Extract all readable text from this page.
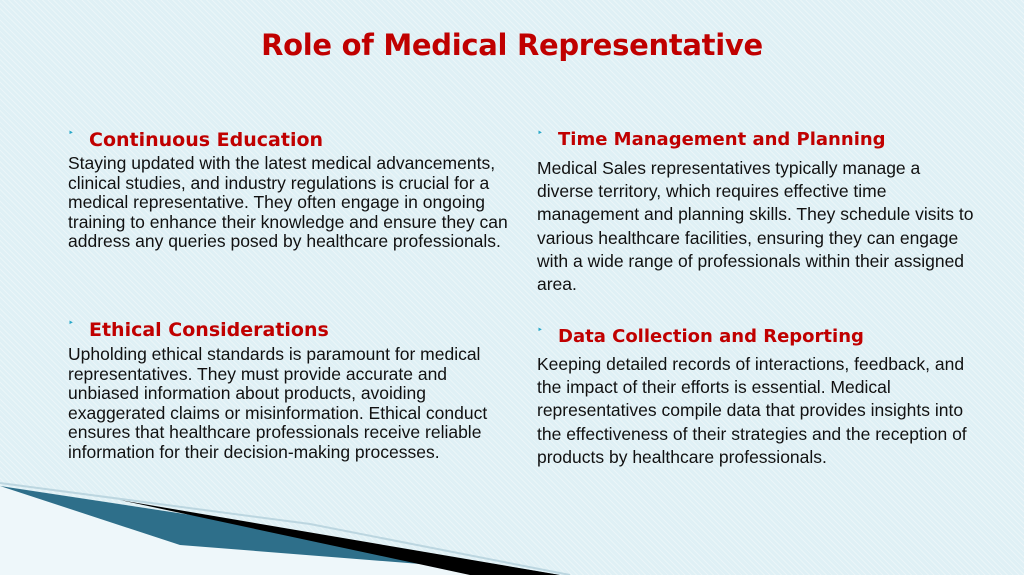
Role of Medical Representative
‣ Continuous Education
Staying updated with the latest medical advancements, clinical studies, and industry regulations is crucial for a medical representative. They often engage in ongoing training to enhance their knowledge and ensure they can address any queries posed by healthcare professionals.
‣ Ethical Considerations
Upholding ethical standards is paramount for medical representatives. They must provide accurate and unbiased information about products, avoiding exaggerated claims or misinformation. Ethical conduct ensures that healthcare professionals receive reliable information for their decision-making processes.
‣ Time Management and Planning
Medical Sales representatives typically manage a diverse territory, which requires effective time management and planning skills. They schedule visits to various healthcare facilities, ensuring they can engage with a wide range of professionals within their assigned area.
‣ Data Collection and Reporting
Keeping detailed records of interactions, feedback, and the impact of their efforts is essential. Medical representatives compile data that provides insights into the effectiveness of their strategies and the reception of products by healthcare professionals.
